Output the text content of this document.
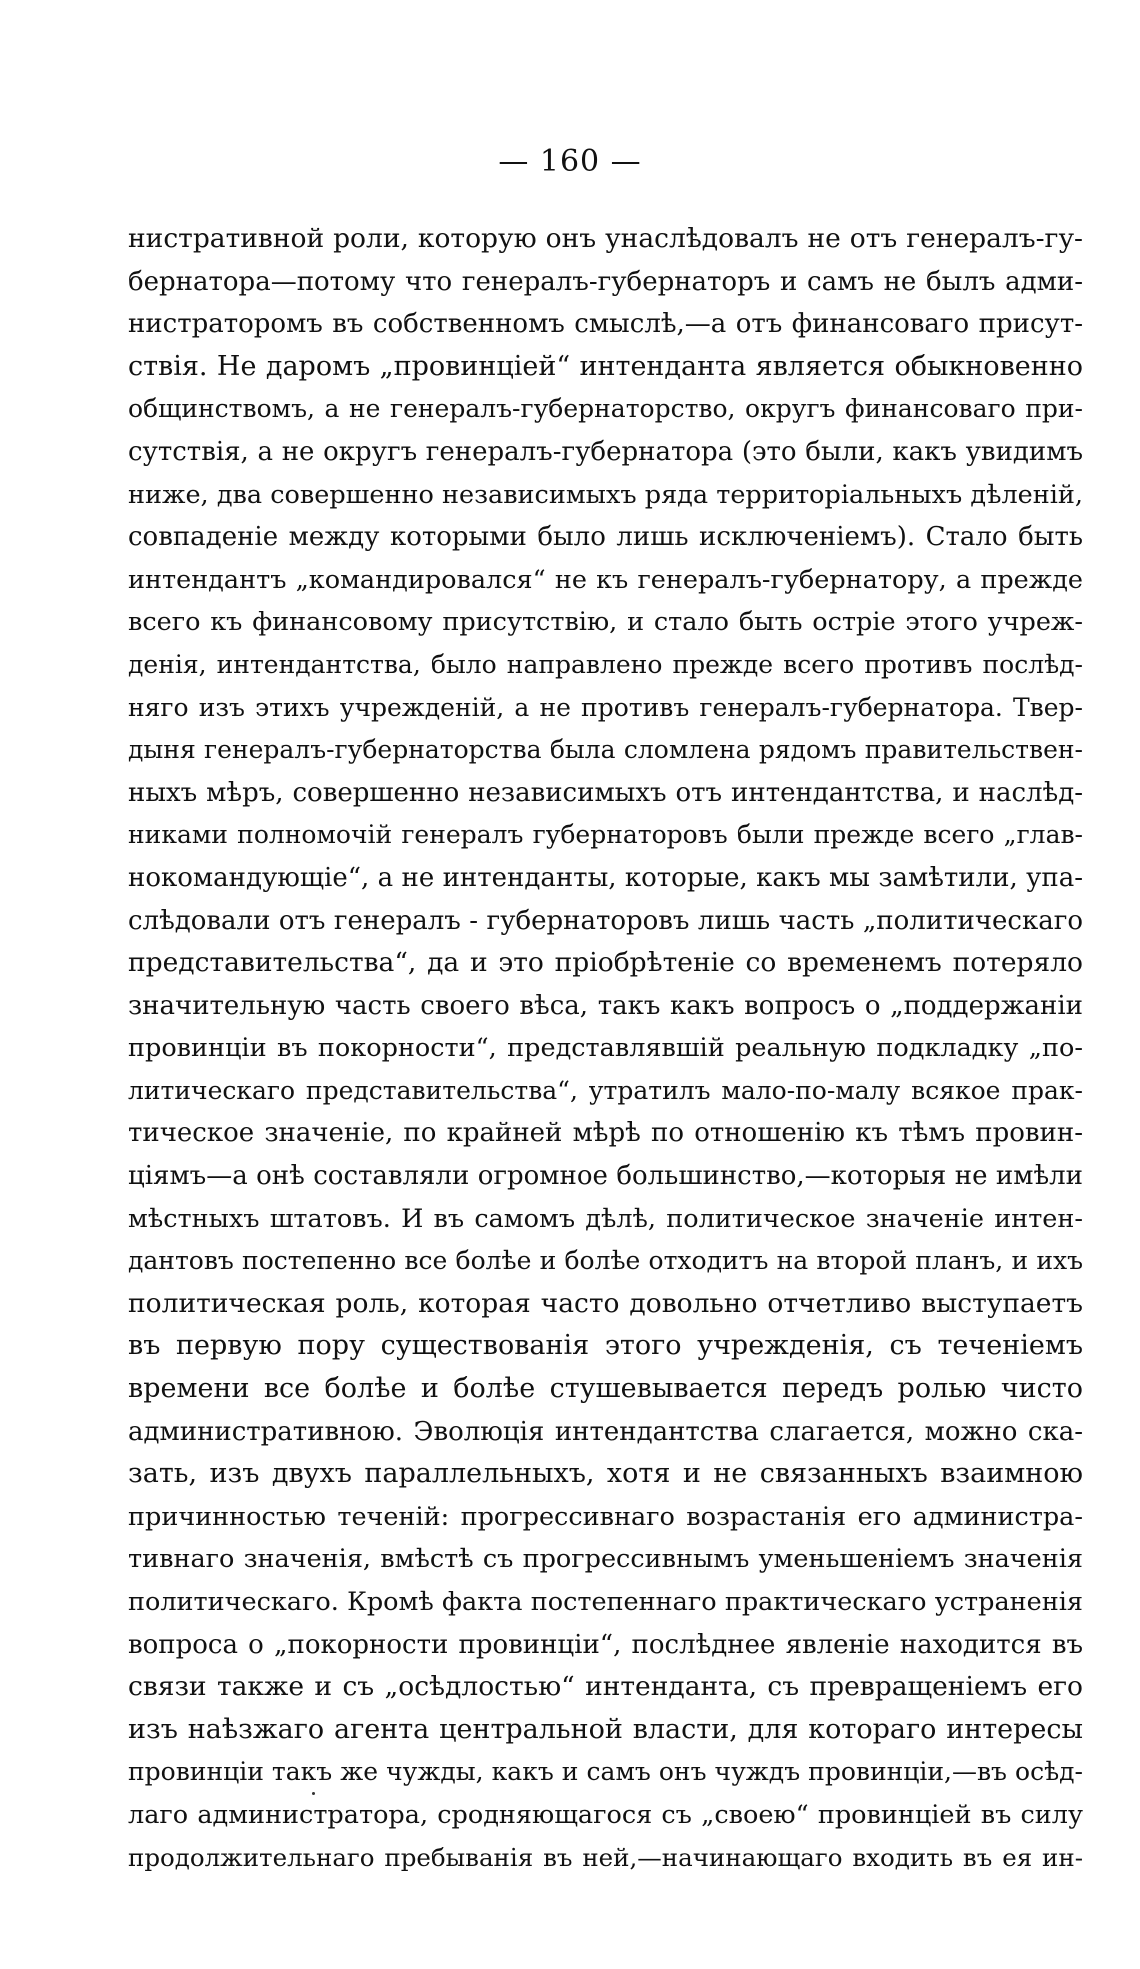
— 160 —
нистративной роли, которую онъ унаслѣдовалъ не отъ генералъ-гу-
бернатора—потому что генералъ-губернаторъ и самъ не былъ адми-
нистраторомъ въ собственномъ смыслѣ,—а отъ финансоваго присут-
ствія. Не даромъ „провинціей“ интенданта является обыкновенно
общинствомъ, а не генералъ-губернаторство, округъ финансоваго при-
сутствія, а не округъ генералъ-губернатора (это были, какъ увидимъ
ниже, два совершенно независимыхъ ряда территоріальныхъ дѣленій,
совпаденіе между которыми было лишь исключеніемъ). Стало быть
интендантъ „командировался“ не къ генералъ-губернатору, а прежде
всего къ финансовому присутствію, и стало быть остріе этого учреж-
денія, интендантства, было направлено прежде всего противъ послѣд-
няго изъ этихъ учрежденій, а не противъ генералъ-губернатора. Твер-
дыня генералъ-губернаторства была сломлена рядомъ правительствен-
ныхъ мѣръ, совершенно независимыхъ отъ интендантства, и наслѣд-
никами полномочій генералъ губернаторовъ были прежде всего „глав-
нокомандующіе“, а не интенданты, которые, какъ мы замѣтили, упа-
слѣдовали отъ генералъ - губернаторовъ лишь часть „политическаго
представительства“, да и это пріобрѣтеніе со временемъ потеряло
значительную часть своего вѣса, такъ какъ вопросъ о „поддержаніи
провинціи въ покорности“, представлявшій реальную подкладку „по-
литическаго представительства“, утратилъ мало-по-малу всякое прак-
тическое значеніе, по крайней мѣрѣ по отношенію къ тѣмъ провин-
ціямъ—а онѣ составляли огромное большинство,—которыя не имѣли
мѣстныхъ штатовъ. И въ самомъ дѣлѣ, политическое значеніе интен-
дантовъ постепенно все болѣе и болѣе отходитъ на второй планъ, и ихъ
политическая роль, которая часто довольно отчетливо выступаетъ
въ первую пору существованія этого учрежденія, съ теченіемъ
времени все болѣе и болѣе стушевывается передъ ролью чисто
административною. Эволюція интендантства слагается, можно ска-
зать, изъ двухъ параллельныхъ, хотя и не связанныхъ взаимною
причинностью теченій: прогрессивнаго возрастанія его администра-
тивнаго значенія, вмѣстѣ съ прогрессивнымъ уменьшеніемъ значенія
политическаго. Кромѣ факта постепеннаго практическаго устраненія
вопроса о „покорности провинціи“, послѣднее явленіе находится въ
связи также и съ „осѣдлостью“ интенданта, съ превращеніемъ его
изъ наѣзжаго агента центральной власти, для котораго интересы
провинціи такъ же чужды, какъ и самъ онъ чуждъ провинціи,—въ осѣд-
лаго администратора, сродняющагося съ „своею“ провинціей въ силу
продолжительнаго пребыванія въ ней,—начинающаго входить въ ея ин-
